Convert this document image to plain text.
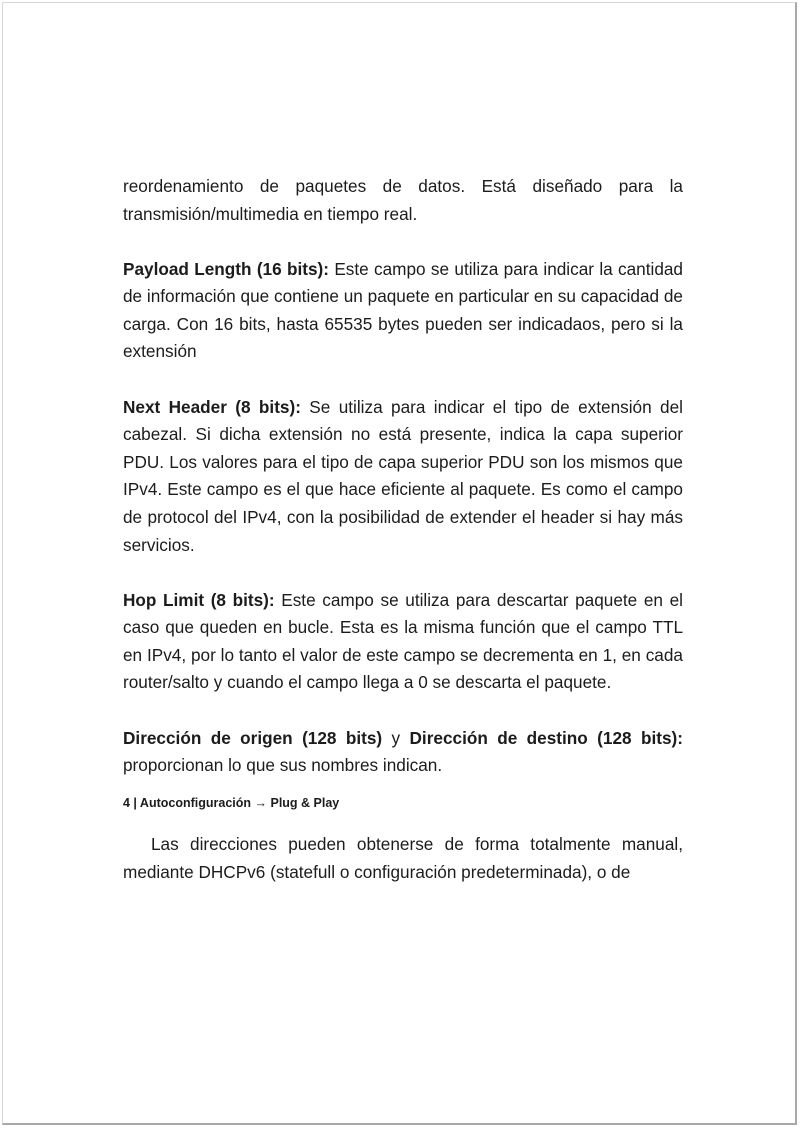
reordenamiento de paquetes de datos. Está diseñado para la transmisión/multimedia en tiempo real.

Payload Length (16 bits): Este campo se utiliza para indicar la cantidad de información que contiene un paquete en particular en su capacidad de carga. Con 16 bits, hasta 65535 bytes pueden ser indicadaos, pero si la extensión

Next Header (8 bits): Se utiliza para indicar el tipo de extensión del cabezal. Si dicha extensión no está presente, indica la capa superior PDU. Los valores para el tipo de capa superior PDU son los mismos que IPv4. Este campo es el que hace eficiente al paquete. Es como el campo de protocol del IPv4, con la posibilidad de extender el header si hay más servicios.

Hop Limit (8 bits): Este campo se utiliza para descartar paquete en el caso que queden en bucle. Esta es la misma función que el campo TTL en IPv4, por lo tanto el valor de este campo se decrementa en 1, en cada router/salto y cuando el campo llega a 0 se descarta el paquete.

Dirección de origen (128 bits) y Dirección de destino (128 bits): proporcionan lo que sus nombres indican.

4 | Autoconfiguración → Plug & Play

Las direcciones pueden obtenerse de forma totalmente manual, mediante DHCPv6 (statefull o configuración predeterminada), o de
